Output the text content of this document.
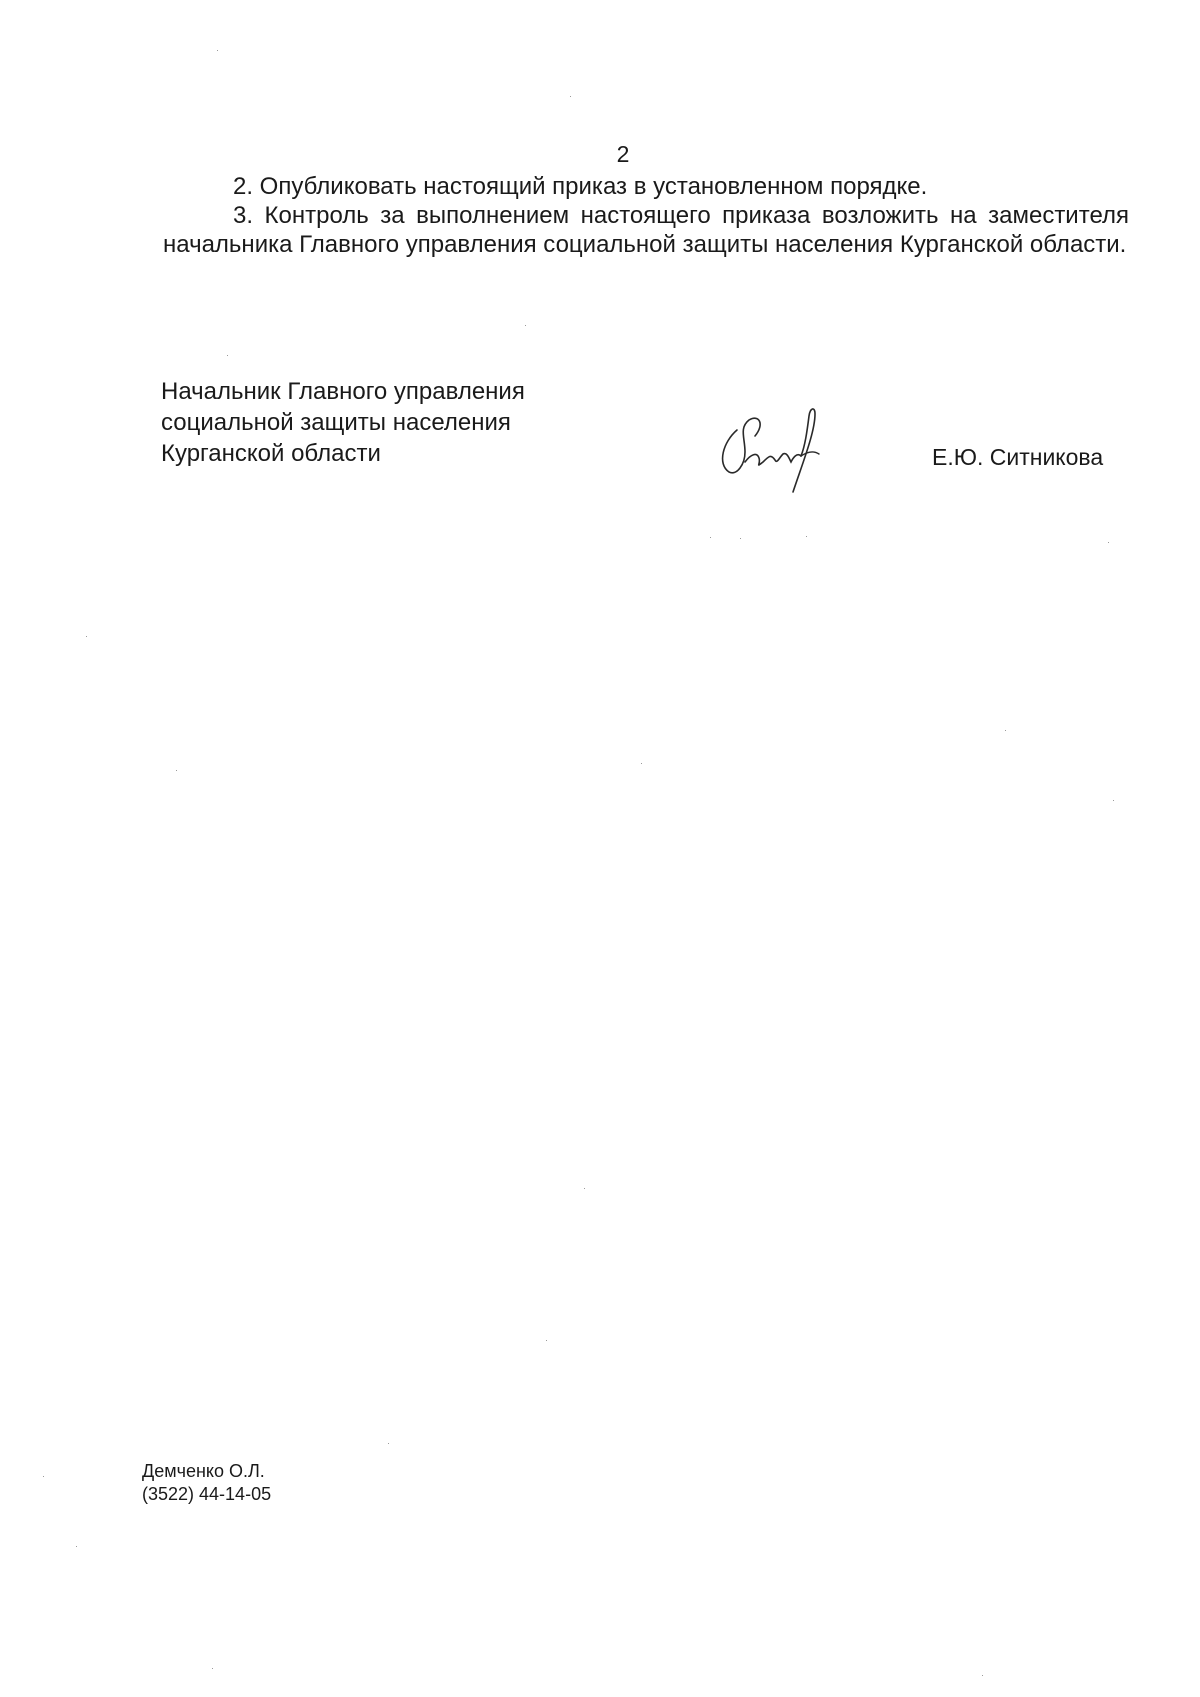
2

2. Опубликовать настоящий приказ в установленном порядке.

3. Контроль за выполнением настоящего приказа возложить на заместителя начальника Главного управления социальной защиты населения Курганской области.

Начальник Главного управления
социальной защиты населения
Курганской области	Е.Ю. Ситникова
Демченко О.Л.
(3522) 44-14-05
